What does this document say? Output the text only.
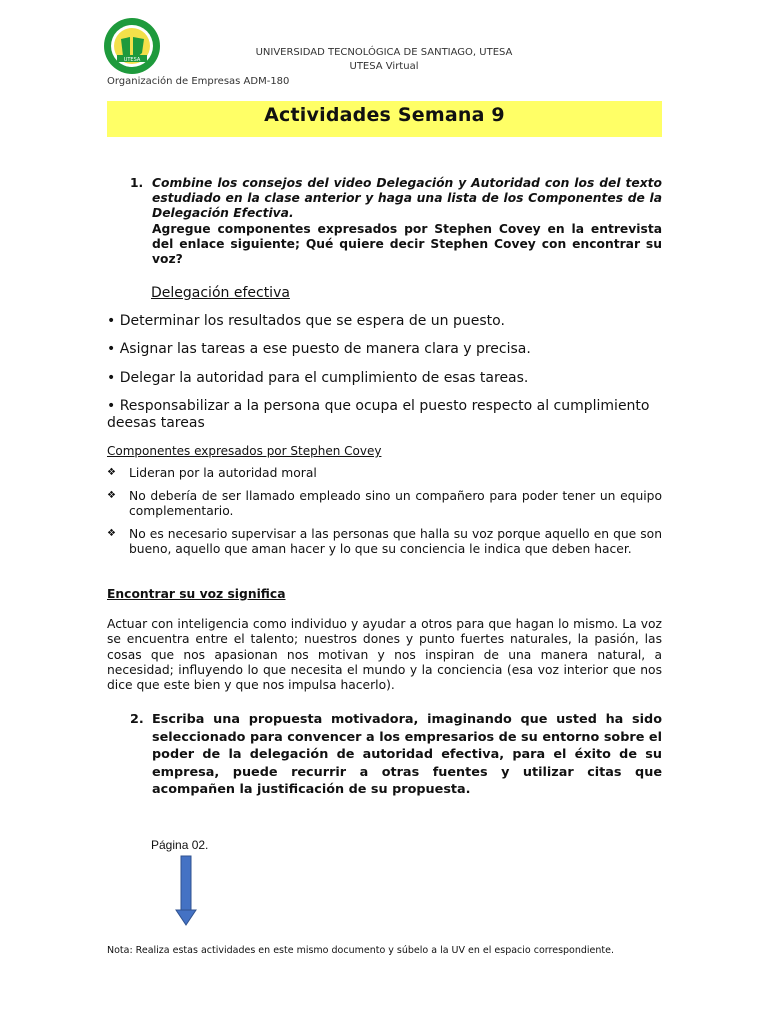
UTESA
UNIVERSIDAD TECNOLÓGICA DE SANTIAGO, UTESA
UTESA Virtual
Organización de Empresas ADM-180
Actividades Semana 9
1. Combine los consejos del video Delegación y Autoridad con los del texto estudiado en la clase anterior y haga una lista de los Componentes de la Delegación Efectiva.
Agregue componentes expresados por Stephen Covey en la entrevista del enlace siguiente; Qué quiere decir Stephen Covey con encontrar su voz?
Delegación efectiva
• Determinar los resultados que se espera de un puesto.
• Asignar las tareas a ese puesto de manera clara y precisa.
• Delegar la autoridad para el cumplimiento de esas tareas.
• Responsabilizar a la persona que ocupa el puesto respecto al cumplimiento deesas tareas
Componentes expresados por Stephen Covey
❖ Lideran por la autoridad moral
❖ No debería de ser llamado empleado sino un compañero para poder tener un equipo complementario.
❖ No es necesario supervisar a las personas que halla su voz porque aquello en que son bueno, aquello que aman hacer y lo que su conciencia le indica que deben hacer.
Encontrar su voz significa
Actuar con inteligencia como individuo y ayudar a otros para que hagan lo mismo. La voz se encuentra entre el talento; nuestros dones y punto fuertes naturales, la pasión, las cosas que nos apasionan nos motivan y nos inspiran de una manera natural, a necesidad; influyendo lo que necesita el mundo y la conciencia (esa voz interior que nos dice que este bien y que nos impulsa hacerlo).
2. Escriba una propuesta motivadora, imaginando que usted ha sido seleccionado para convencer a los empresarios de su entorno sobre el poder de la delegación de autoridad efectiva, para el éxito de su empresa, puede recurrir a otras fuentes y utilizar citas que acompañen la justificación de su propuesta.
Página 02.
Nota: Realiza estas actividades en este mismo documento y súbelo a la UV en el espacio correspondiente.
